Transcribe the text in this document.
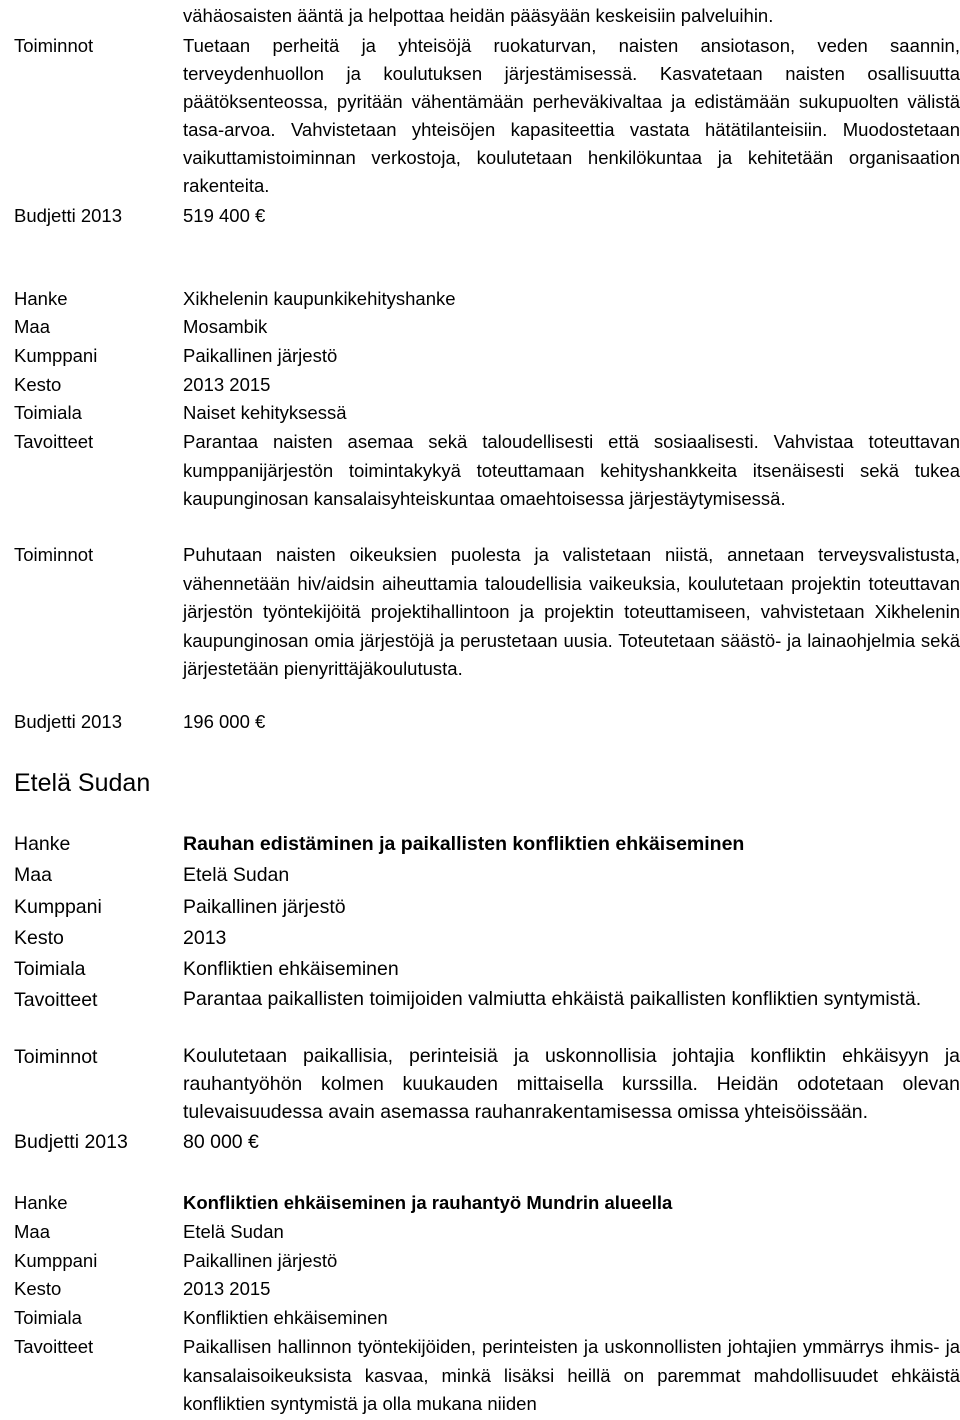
vähäosaisten ääntä ja helpottaa heidän pääsyään keskeisiin palveluihin.
Toiminnot	Tuetaan perheitä ja yhteisöjä ruokaturvan, naisten ansiotason, veden saannin, terveydenhuollon ja koulutuksen järjestämisessä. Kasvatetaan naisten osallisuutta päätöksenteossa, pyritään vähentämään perheväkivaltaa ja edistämään sukupuolten välistä tasa-arvoa. Vahvistetaan yhteisöjen kapasiteettia vastata hätätilanteisiin. Muodostetaan vaikuttamistoiminnan verkostoja, koulutetaan henkilökuntaa ja kehitetään organisaation rakenteita.
Budjetti 2013	519 400 €
Hanke	Xikhelenin kaupunkikehityshanke
Maa	Mosambik
Kumppani	Paikallinen järjestö
Kesto	2013 2015
Toimiala	Naiset kehityksessä
Tavoitteet	Parantaa naisten asemaa sekä taloudellisesti että sosiaalisesti. Vahvistaa toteuttavan kumppanijärjestön toimintakykyä toteuttamaan kehityshankkeita itsenäisesti sekä tukea kaupunginosan kansalaisyhteiskuntaa omaehtoisessa järjestäytymisessä.
Toiminnot	Puhutaan naisten oikeuksien puolesta ja valistetaan niistä, annetaan terveysvalistusta, vähennetään hiv/aidsin aiheuttamia taloudellisia vaikeuksia, koulutetaan projektin toteuttavan järjestön työntekijöitä projektihallintoon ja projektin toteuttamiseen, vahvistetaan Xikhelenin kaupunginosan omia järjestöjä ja perustetaan uusia. Toteutetaan säästö- ja lainaohjelmia sekä järjestetään pienyrittäjäkoulutusta.
Budjetti 2013	196 000 €
Etelä Sudan
Hanke	Rauhan edistäminen ja paikallisten konfliktien ehkäiseminen
Maa	Etelä Sudan
Kumppani	Paikallinen järjestö
Kesto	2013
Toimiala	Konfliktien ehkäiseminen
Tavoitteet	Parantaa paikallisten toimijoiden valmiutta ehkäistä paikallisten konfliktien syntymistä.
Toiminnot	Koulutetaan paikallisia, perinteisiä ja uskonnollisia johtajia konfliktin ehkäisyyn ja rauhantyöhön kolmen kuukauden mittaisella kurssilla. Heidän odotetaan olevan tulevaisuudessa avain asemassa rauhanrakentamisessa omissa yhteisöissään.
Budjetti 2013	80 000 €
Hanke	Konfliktien ehkäiseminen ja rauhantyö Mundrin alueella
Maa	Etelä Sudan
Kumppani	Paikallinen järjestö
Kesto	2013 2015
Toimiala	Konfliktien ehkäiseminen
Tavoitteet	Paikallisen hallinnon työntekijöiden, perinteisten ja uskonnollisten johtajien ymmärrys ihmis- ja kansalaisoikeuksista kasvaa, minkä lisäksi heillä on paremmat mahdollisuudet ehkäistä konfliktien syntymistä ja olla mukana niiden
